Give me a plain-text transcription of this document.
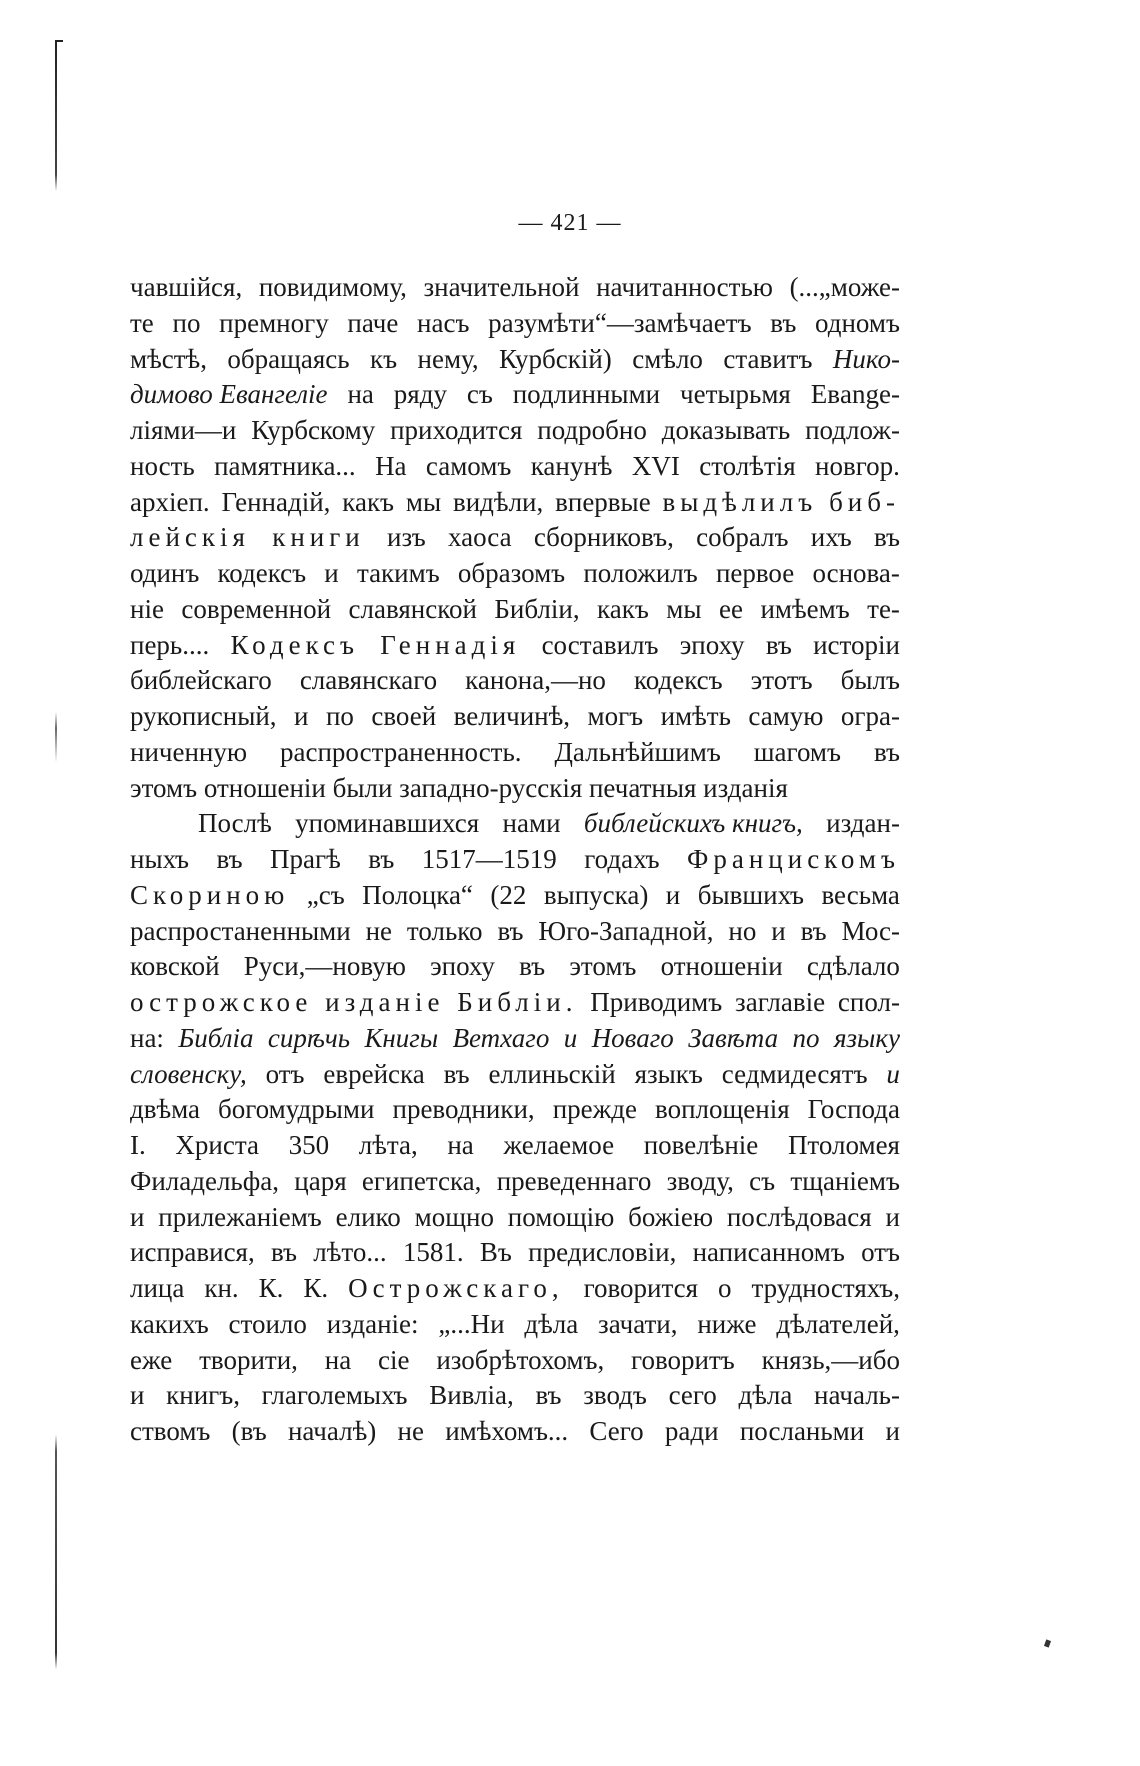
— 421 —
чавшійся, повидимому, значительной начитанностью (...„може-
те по премногу паче насъ разумѣти“—замѣчаетъ въ одномъ
мѣстѣ, обращаясь къ нему, Курбскій) смѣло ставитъ Нико-
димово Евангеліе на ряду съ подлинными четырьмя Евange-
ліями—и Курбскому приходится подробно доказывать подлож-
ность памятника... На самомъ канунѣ XVI столѣтія новгор.
архіеп. Геннадій, какъ мы видѣли, впервые выдѣлилъ биб-
лейскія книги изъ хаоса сборниковъ, собралъ ихъ въ
одинъ кодексъ и такимъ образомъ положилъ первое основа-
ніе современной славянской Библіи, какъ мы ее имѣемъ те-
перь.... Кодексъ Геннадія составилъ эпоху въ исторіи
библейскаго славянскаго канона,—но кодексъ этотъ былъ
рукописный, и по своей величинѣ, могъ имѣть самую огра-
ниченную распространенность. Дальнѣйшимъ шагомъ въ
этомъ отношеніи были западно-русскія печатныя изданія
Послѣ упоминавшихся нами библейскихъ книгъ, издан-
ныхъ въ Прагѣ въ 1517—1519 годахъ Францискомъ
Скориною „съ Полоцка“ (22 выпуска) и бывшихъ весьма
распростаненными не только въ Юго-Западной, но и въ Мос-
ковской Руси,—новую эпоху въ этомъ отношеніи сдѣлало
острожское изданіе Библіи. Приводимъ заглавіе спол-
на: Библіа сирѣчь Книгы Ветхаго и Новаго Завѣта по языку
словенску, отъ еврейска въ еллиньскій языкъ седмидесятъ и
двѣма богомудрыми преводники, прежде воплощенія Господа
І. Христа 350 лѣта, на желаемое повелѣніе Птоломея
Филадельфа, царя египетска, преведеннаго зводу, съ тщаніемъ
и прилежаніемъ елико мощно помощію божіею послѣдовася и
исправися, въ лѣто... 1581. Въ предисловіи, написанномъ отъ
лица кн. К. К. Острожскаго, говорится о трудностяхъ,
какихъ стоило изданіе: „...Ни дѣла зачати, ниже дѣлателей,
еже творити, на сіе изобрѣтохомъ, говоритъ князь,—ибо
и книгъ, глаголемыхъ Вивліа, въ зводъ сего дѣла началь-
ствомъ (въ началѣ) не имѣхомъ... Сего ради посланьми и
